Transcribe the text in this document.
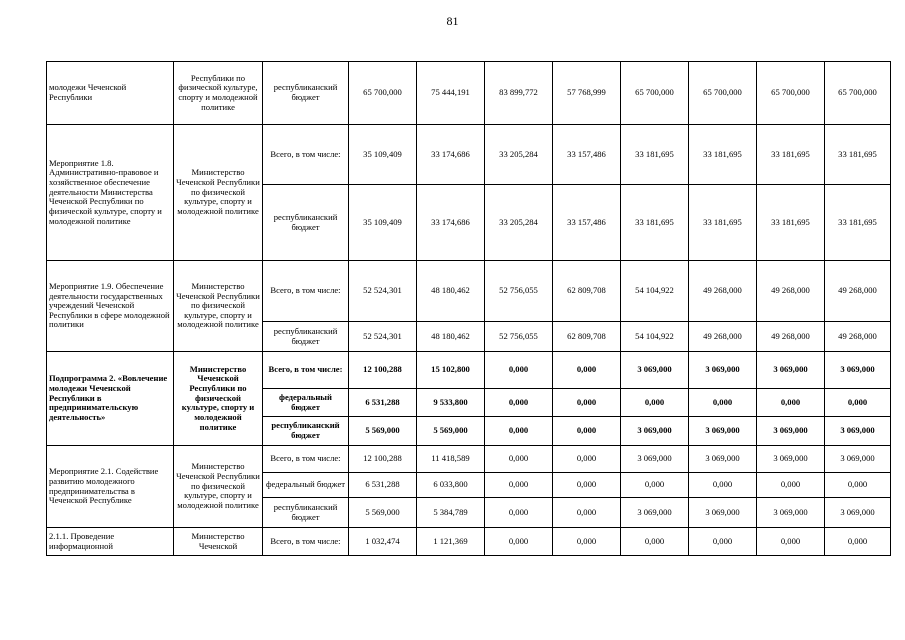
81
молодежи Чеченской Республики	Республики по физической культуре, спорту и молодежной политике	республиканский бюджет	65 700,000	75 444,191	83 899,772	57 768,999	65 700,000	65 700,000	65 700,000	65 700,000
Мероприятие 1.8. Административно-правовое и хозяйственное обеспечение деятельности Министерства Чеченской Республики по физической культуре, спорту и молодежной политике	Министерство Чеченской Республики по физической культуре, спорту и молодежной политике	Всего, в том числе:	35 109,409	33 174,686	33 205,284	33 157,486	33 181,695	33 181,695	33 181,695	33 181,695
		республиканский бюджет	35 109,409	33 174,686	33 205,284	33 157,486	33 181,695	33 181,695	33 181,695	33 181,695
Мероприятие 1.9. Обеспечение деятельности государственных учреждений Чеченской Республики в сфере молодежной политики	Министерство Чеченской Республики по физической культуре, спорту и молодежной политике	Всего, в том числе:	52 524,301	48 180,462	52 756,055	62 809,708	54 104,922	49 268,000	49 268,000	49 268,000
		республиканский бюджет	52 524,301	48 180,462	52 756,055	62 809,708	54 104,922	49 268,000	49 268,000	49 268,000
Подпрограмма 2. «Вовлечение молодежи Чеченской Республики в предпринимательскую деятельность»	Министерство Чеченской Республики по физической культуре, спорту и молодежной политике	Всего, в том числе:	12 100,288	15 102,800	0,000	0,000	3 069,000	3 069,000	3 069,000	3 069,000
		федеральный бюджет	6 531,288	9 533,800	0,000	0,000	0,000	0,000	0,000	0,000
		республиканский бюджет	5 569,000	5 569,000	0,000	0,000	3 069,000	3 069,000	3 069,000	3 069,000
Мероприятие 2.1. Содействие развитию молодежного предпринимательства в Чеченской Республике	Министерство Чеченской Республики по физической культуре, спорту и молодежной политике	Всего, в том числе:	12 100,288	11 418,589	0,000	0,000	3 069,000	3 069,000	3 069,000	3 069,000
		федеральный бюджет	6 531,288	6 033,800	0,000	0,000	0,000	0,000	0,000	0,000
		республиканский бюджет	5 569,000	5 384,789	0,000	0,000	3 069,000	3 069,000	3 069,000	3 069,000
2.1.1. Проведение информационной	Министерство Чеченской	Всего, в том числе:	1 032,474	1 121,369	0,000	0,000	0,000	0,000	0,000	0,000
